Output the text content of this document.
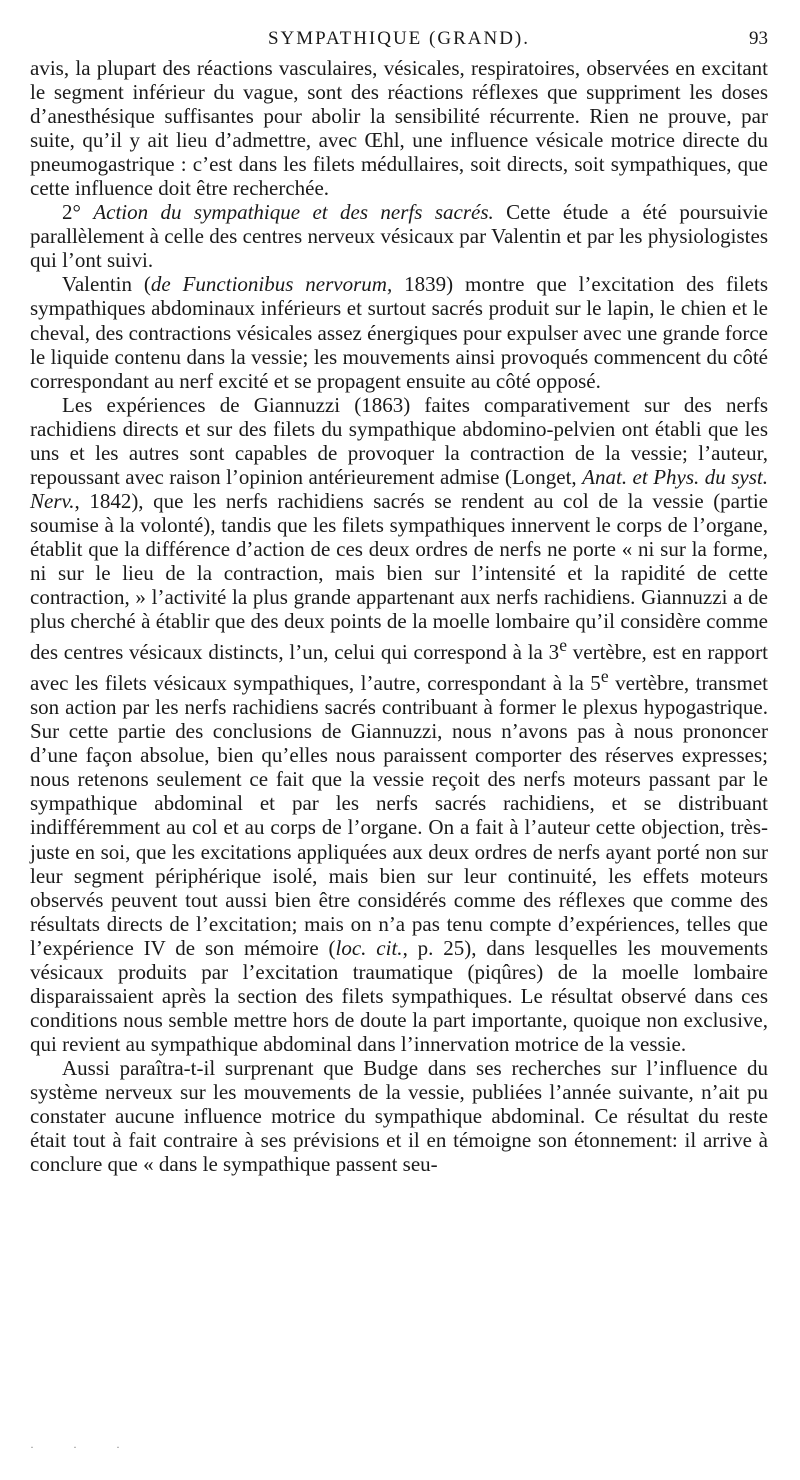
SYMPATHIQUE (GRAND).	93

avis, la plupart des réactions vasculaires, vésicales, respiratoires, observées en excitant le segment inférieur du vague, sont des réactions réflexes que suppriment les doses d’anesthésique suffisantes pour abolir la sensibilité récurrente. Rien ne prouve, par suite, qu’il y ait lieu d’admettre, avec Œhl, une influence vésicale motrice directe du pneumogastrique : c’est dans les filets médullaires, soit directs, soit sympathiques, que cette influence doit être recherchée.

2° Action du sympathique et des nerfs sacrés. Cette étude a été poursuivie parallèlement à celle des centres nerveux vésicaux par Valentin et par les physiologistes qui l’ont suivi.

Valentin (de Functionibus nervorum, 1839) montre que l’excitation des filets sympathiques abdominaux inférieurs et surtout sacrés produit sur le lapin, le chien et le cheval, des contractions vésicales assez énergiques pour expulser avec une grande force le liquide contenu dans la vessie; les mouvements ainsi provoqués commencent du côté correspondant au nerf excité et se propagent ensuite au côté opposé.

Les expériences de Giannuzzi (1863) faites comparativement sur des nerfs rachidiens directs et sur des filets du sympathique abdomino-pelvien ont établi que les uns et les autres sont capables de provoquer la contraction de la vessie; l’auteur, repoussant avec raison l’opinion antérieurement admise (Longet, Anat. et Phys. du syst. Nerv., 1842), que les nerfs rachidiens sacrés se rendent au col de la vessie (partie soumise à la volonté), tandis que les filets sympathiques innervent le corps de l’organe, établit que la différence d’action de ces deux ordres de nerfs ne porte « ni sur la forme, ni sur le lieu de la contraction, mais bien sur l’intensité et la rapidité de cette contraction, » l’activité la plus grande appartenant aux nerfs rachidiens. Giannuzzi a de plus cherché à établir que des deux points de la moelle lombaire qu’il considère comme des centres vésicaux distincts, l’un, celui qui correspond à la 3e vertèbre, est en rapport avec les filets vésicaux sympathiques, l’autre, correspondant à la 5e vertèbre, transmet son action par les nerfs rachidiens sacrés contribuant à former le plexus hypogastrique. Sur cette partie des conclusions de Giannuzzi, nous n’avons pas à nous prononcer d’une façon absolue, bien qu’elles nous paraissent comporter des réserves expresses; nous retenons seulement ce fait que la vessie reçoit des nerfs moteurs passant par le sympathique abdominal et par les nerfs sacrés rachidiens, et se distribuant indifféremment au col et au corps de l’organe. On a fait à l’auteur cette objection, très-juste en soi, que les excitations appliquées aux deux ordres de nerfs ayant porté non sur leur segment périphérique isolé, mais bien sur leur continuité, les effets moteurs observés peuvent tout aussi bien être considérés comme des réflexes que comme des résultats directs de l’excitation; mais on n’a pas tenu compte d’expériences, telles que l’expérience IV de son mémoire (loc. cit., p. 25), dans lesquelles les mouvements vésicaux produits par l’excitation traumatique (piqûres) de la moelle lombaire disparaissaient après la section des filets sympathiques. Le résultat observé dans ces conditions nous semble mettre hors de doute la part importante, quoique non exclusive, qui revient au sympathique abdominal dans l’innervation motrice de la vessie.

Aussi paraîtra-t-il surprenant que Budge dans ses recherches sur l’influence du système nerveux sur les mouvements de la vessie, publiées l’année suivante, n’ait pu constater aucune influence motrice du sympathique abdominal. Ce résultat du reste était tout à fait contraire à ses prévisions et il en témoigne son étonnement: il arrive à conclure que « dans le sympathique passent seu-

· · ·
